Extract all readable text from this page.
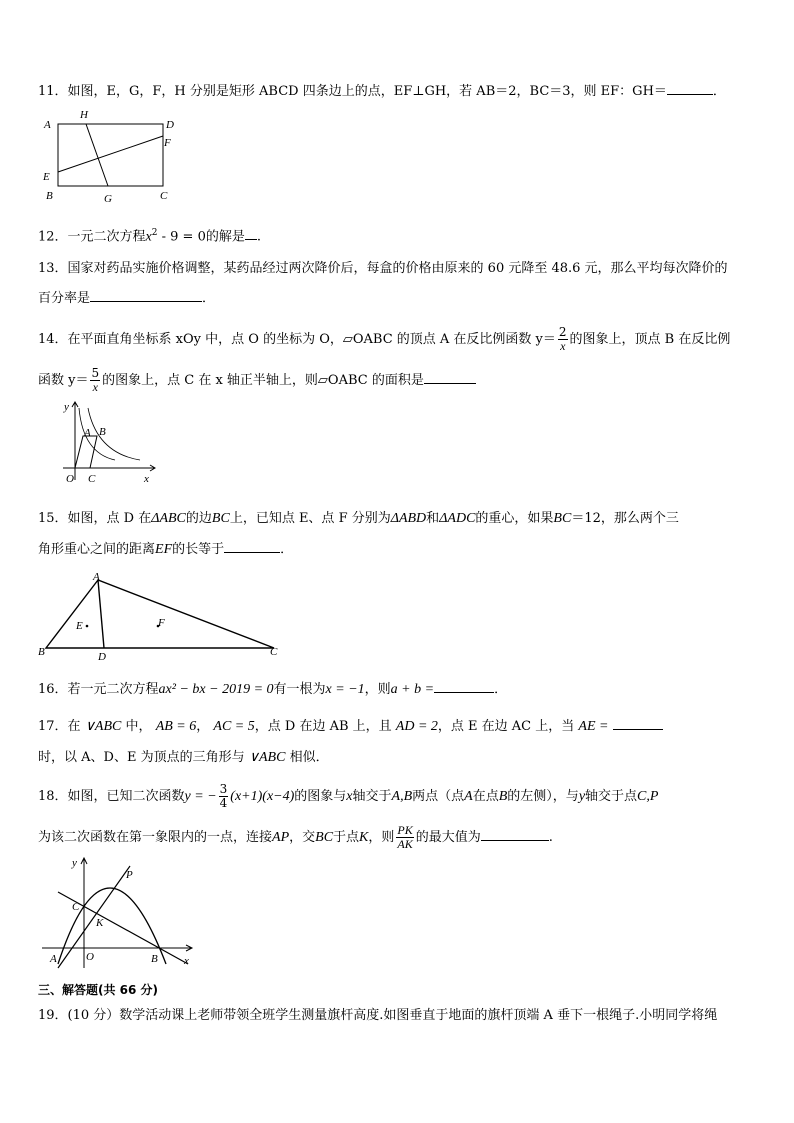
11．如图，E，G，F，H 分别是矩形 ABCD 四条边上的点，EF⊥GH，若 AB＝2，BC＝3，则 EF：GH＝	．
A
H
D
F
E
B	G	C
12．一元二次方程$x^2 - 9 = 0$的解是 .
13．国家对药品实施价格调整，某药品经过两次降价后，每盒的价格由原来的 60 元降至 48.6 元，那么平均每次降价的
百分率是	．
14．在平面直角坐标系 xOy 中，点 O 的坐标为 O，▱OABC 的顶点 A 在反比例函数 $y= \frac{2}{x}$ 的图象上，顶点 B 在反比例
函数 $y= \frac{5}{x}$ 的图象上，点 C 在 x 轴正半轴上，则▱OABC 的面积是
y
A B
O C	x
15．如图，点 D 在ΔABC的边BC上，已知点 E、点 F 分别为ΔABD和ΔADC的重心，如果BC＝12，那么两个三
角形重心之间的距离EF的长等于	．
A
B	C
D
E	F
16．若一元二次方程ax² − bx − 2019 = 0有一根为x = −1，则a + b =	．
17．在 ∨ABC 中， AB = 6， AC = 5，点 D 在边 AB 上，且 AD = 2，点 E 在边 AC 上，当 AE =
时，以 A、D、E 为顶点的三角形与 ∨ABC 相似．
18．如图，已知二次函数y = − $\frac{3}{4} (x+1)(x-4)$的图象与x轴交于A,B两点（点A在点B的左侧），与y轴交于点C,P
为该二次函数在第一象限内的一点，连接AP，交BC于点K，则 $\frac{PK}{AK}$ 的最大值为	.
y
C
P
K
A	O	B x
三、解答题(共 66 分)
19．(10 分）数学活动课上老师带领全班学生测量旗杆高度.如图垂直于地面的旗杆顶端 A 垂下一根绳子.小明同学将绳
